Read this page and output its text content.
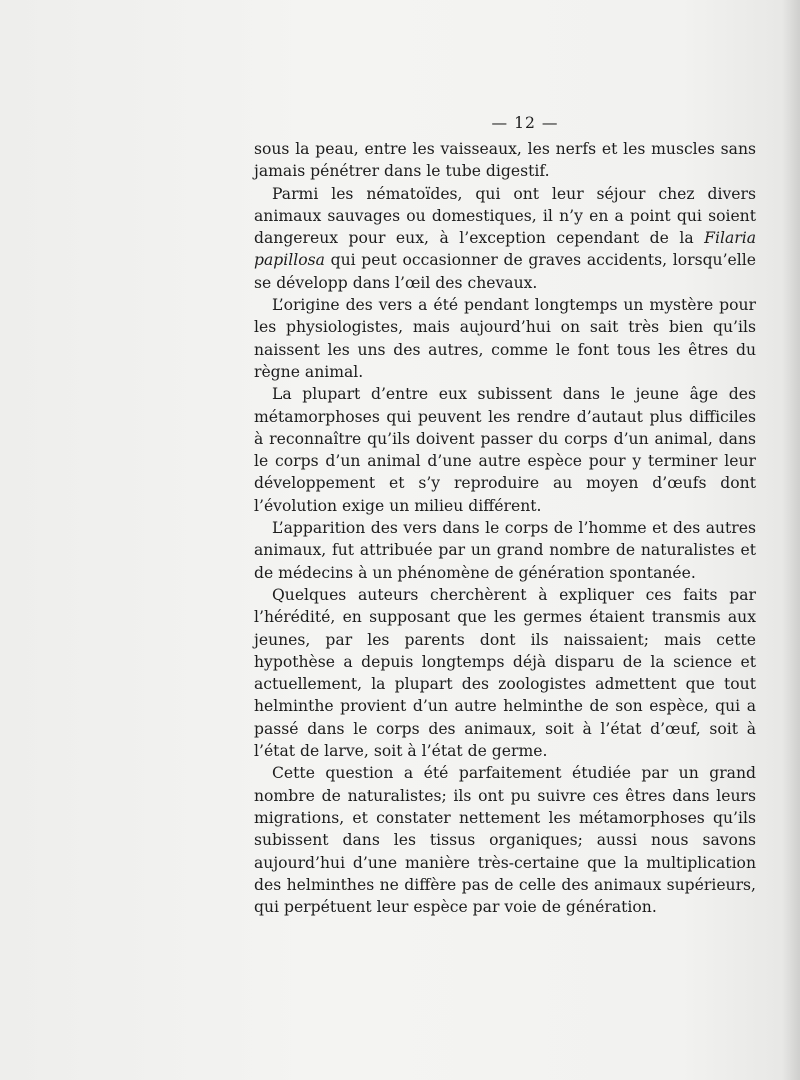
— 12 —

sous la peau, entre les vaisseaux, les nerfs et les muscles sans jamais pénétrer dans le tube digestif.

Parmi les nématoïdes, qui ont leur séjour chez divers animaux sauvages ou domestiques, il n’y en a point qui soient dangereux pour eux, à l’exception cependant de la Filaria papillosa qui peut occasionner de graves accidents, lorsqu’elle se développ dans l’œil des chevaux.

L’origine des vers a été pendant longtemps un mystère pour les physiologistes, mais aujourd’hui on sait très bien qu’ils naissent les uns des autres, comme le font tous les êtres du règne animal.

La plupart d’entre eux subissent dans le jeune âge des métamorphoses qui peuvent les rendre d’autaut plus difficiles à reconnaître qu’ils doivent passer du corps d’un animal, dans le corps d’un animal d’une autre espèce pour y terminer leur développement et s’y reproduire au moyen d’œufs dont l’évolution exige un milieu différent.

L’apparition des vers dans le corps de l’homme et des autres animaux, fut attribuée par un grand nombre de naturalistes et de médecins à un phénomène de génération spontanée.

Quelques auteurs cherchèrent à expliquer ces faits par l’hérédité, en supposant que les germes étaient transmis aux jeunes, par les parents dont ils naissaient; mais cette hypothèse a depuis longtemps déjà disparu de la science et actuellement, la plupart des zoologistes admettent que tout helminthe provient d’un autre helminthe de son espèce, qui a passé dans le corps des animaux, soit à l’état d’œuf, soit à l’état de larve, soit à l’état de germe.

Cette question a été parfaitement étudiée par un grand nombre de naturalistes; ils ont pu suivre ces êtres dans leurs migrations, et constater nettement les métamorphoses qu’ils subissent dans les tissus organiques; aussi nous savons aujourd’hui d’une manière très-certaine que la multiplication des helminthes ne diffère pas de celle des animaux supérieurs, qui perpétuent leur espèce par voie de génération.
